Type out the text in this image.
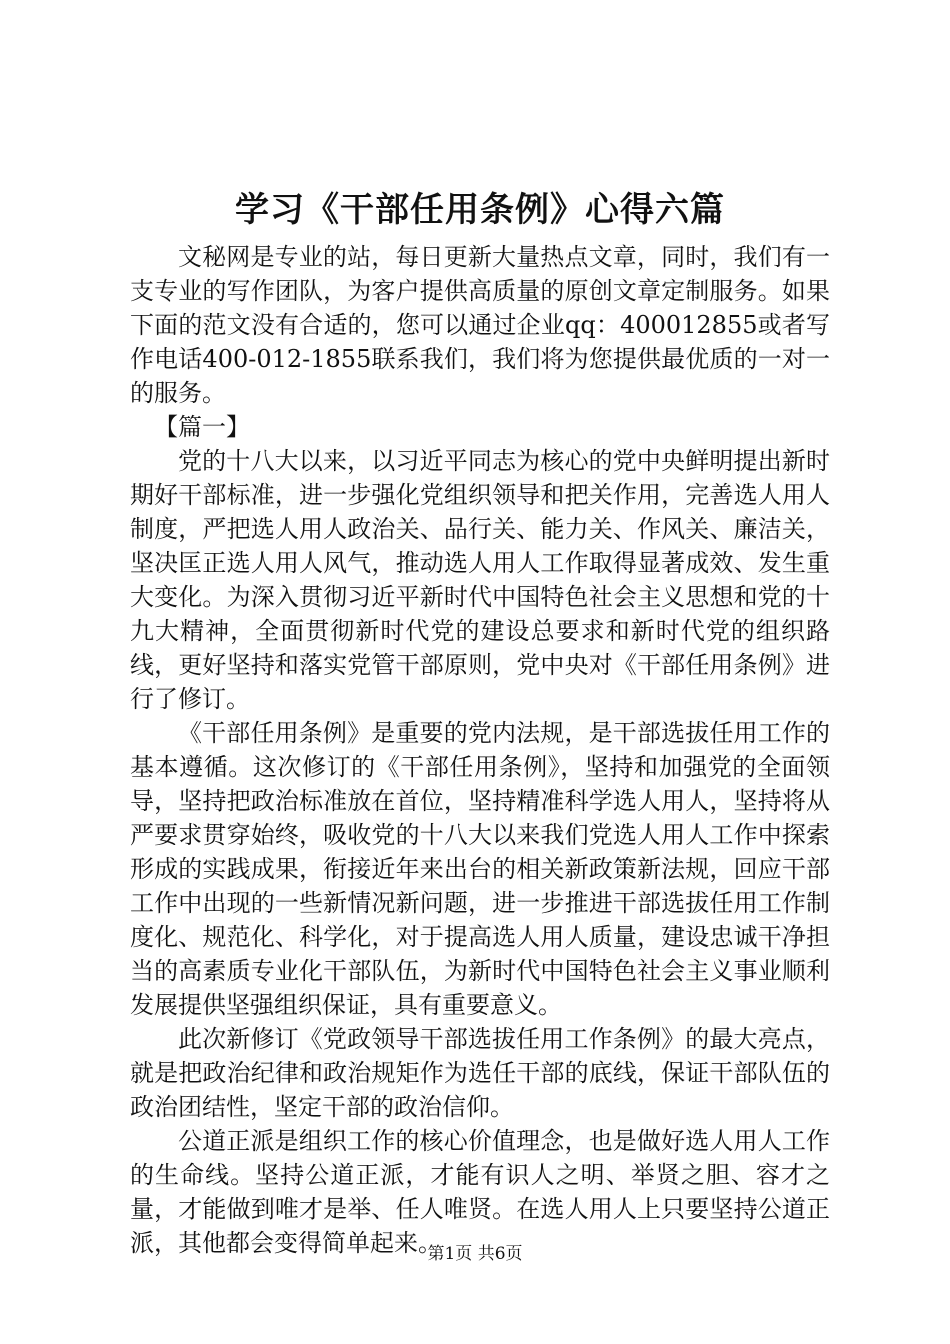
学习《干部任用条例》心得六篇

文秘网是专业的站，每日更新大量热点文章，同时，我们有一支专业的写作团队，为客户提供高质量的原创文章定制服务。如果下面的范文没有合适的，您可以通过企业qq：400012855或者写作电话400-012-1855联系我们，我们将为您提供最优质的一对一的服务。

【篇一】

党的十八大以来，以习近平同志为核心的党中央鲜明提出新时期好干部标准，进一步强化党组织领导和把关作用，完善选人用人制度，严把选人用人政治关、品行关、能力关、作风关、廉洁关，坚决匡正选人用人风气，推动选人用人工作取得显著成效、发生重大变化。为深入贯彻习近平新时代中国特色社会主义思想和党的十九大精神，全面贯彻新时代党的建设总要求和新时代党的组织路线，更好坚持和落实党管干部原则，党中央对《干部任用条例》进行了修订。

《干部任用条例》是重要的党内法规，是干部选拔任用工作的基本遵循。这次修订的《干部任用条例》，坚持和加强党的全面领导，坚持把政治标准放在首位，坚持精准科学选人用人，坚持将从严要求贯穿始终，吸收党的十八大以来我们党选人用人工作中探索形成的实践成果，衔接近年来出台的相关新政策新法规，回应干部工作中出现的一些新情况新问题，进一步推进干部选拔任用工作制度化、规范化、科学化，对于提高选人用人质量，建设忠诚干净担当的高素质专业化干部队伍，为新时代中国特色社会主义事业顺利发展提供坚强组织保证，具有重要意义。

此次新修订《党政领导干部选拔任用工作条例》的最大亮点，就是把政治纪律和政治规矩作为选任干部的底线，保证干部队伍的政治团结性，坚定干部的政治信仰。

公道正派是组织工作的核心价值理念，也是做好选人用人工作的生命线。坚持公道正派，才能有识人之明、举贤之胆、容才之量，才能做到唯才是举、任人唯贤。在选人用人上只要坚持公道正派，其他都会变得简单起来。

第1页 共6页
